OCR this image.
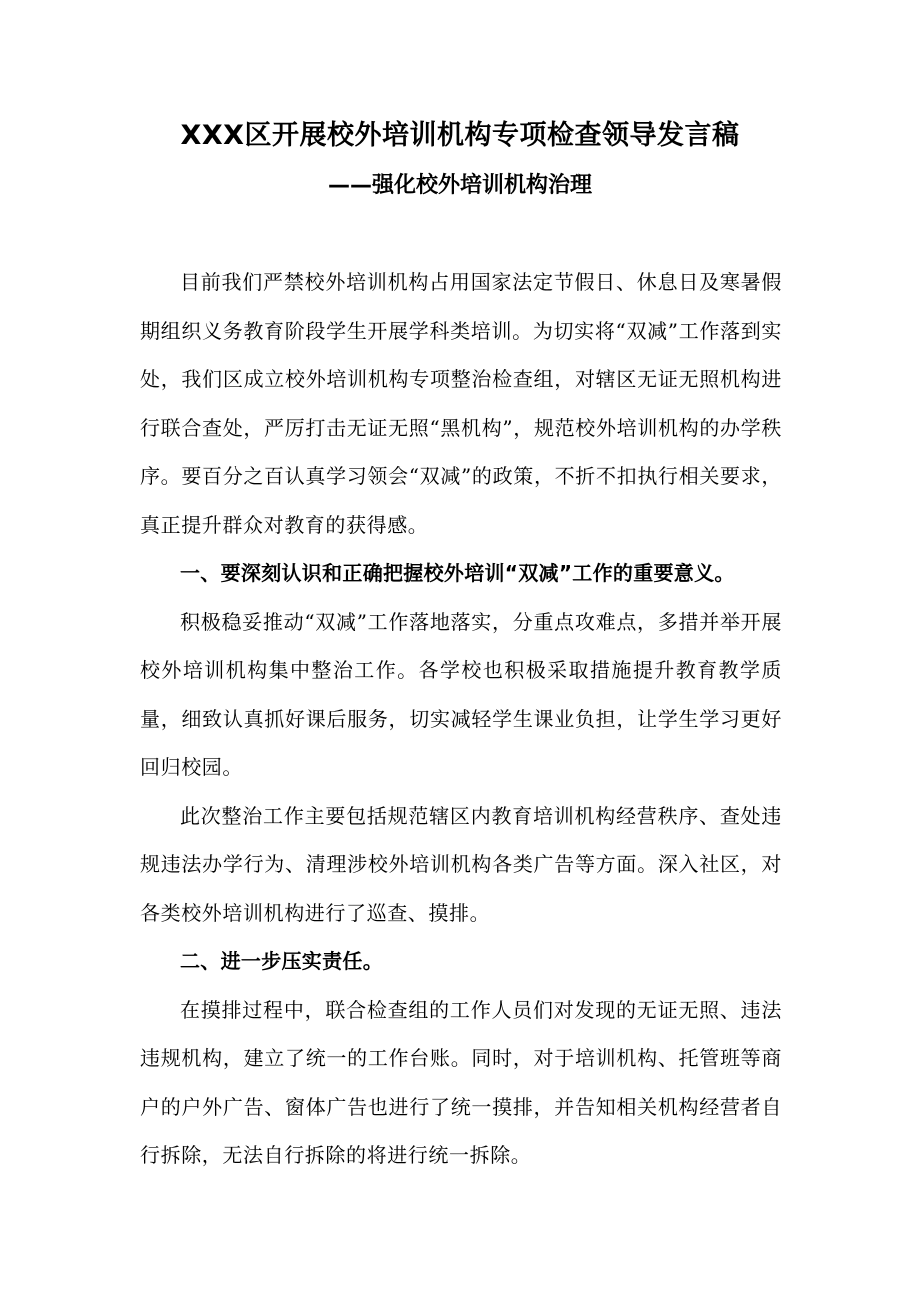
XXX区开展校外培训机构专项检查领导发言稿
——强化校外培训机构治理

目前我们严禁校外培训机构占用国家法定节假日、休息日及寒暑假期组织义务教育阶段学生开展学科类培训。为切实将“双减”工作落到实处，我们区成立校外培训机构专项整治检查组，对辖区无证无照机构进行联合查处，严厉打击无证无照“黑机构”，规范校外培训机构的办学秩序。要百分之百认真学习领会“双减”的政策，不折不扣执行相关要求，真正提升群众对教育的获得感。

一、要深刻认识和正确把握校外培训“双减”工作的重要意义。

积极稳妥推动“双减”工作落地落实，分重点攻难点，多措并举开展校外培训机构集中整治工作。各学校也积极采取措施提升教育教学质量，细致认真抓好课后服务，切实减轻学生课业负担，让学生学习更好回归校园。

此次整治工作主要包括规范辖区内教育培训机构经营秩序、查处违规违法办学行为、清理涉校外培训机构各类广告等方面。深入社区，对各类校外培训机构进行了巡查、摸排。

二、进一步压实责任。

在摸排过程中，联合检查组的工作人员们对发现的无证无照、违法违规机构，建立了统一的工作台账。同时，对于培训机构、托管班等商户的户外广告、窗体广告也进行了统一摸排，并告知相关机构经营者自行拆除，无法自行拆除的将进行统一拆除。
